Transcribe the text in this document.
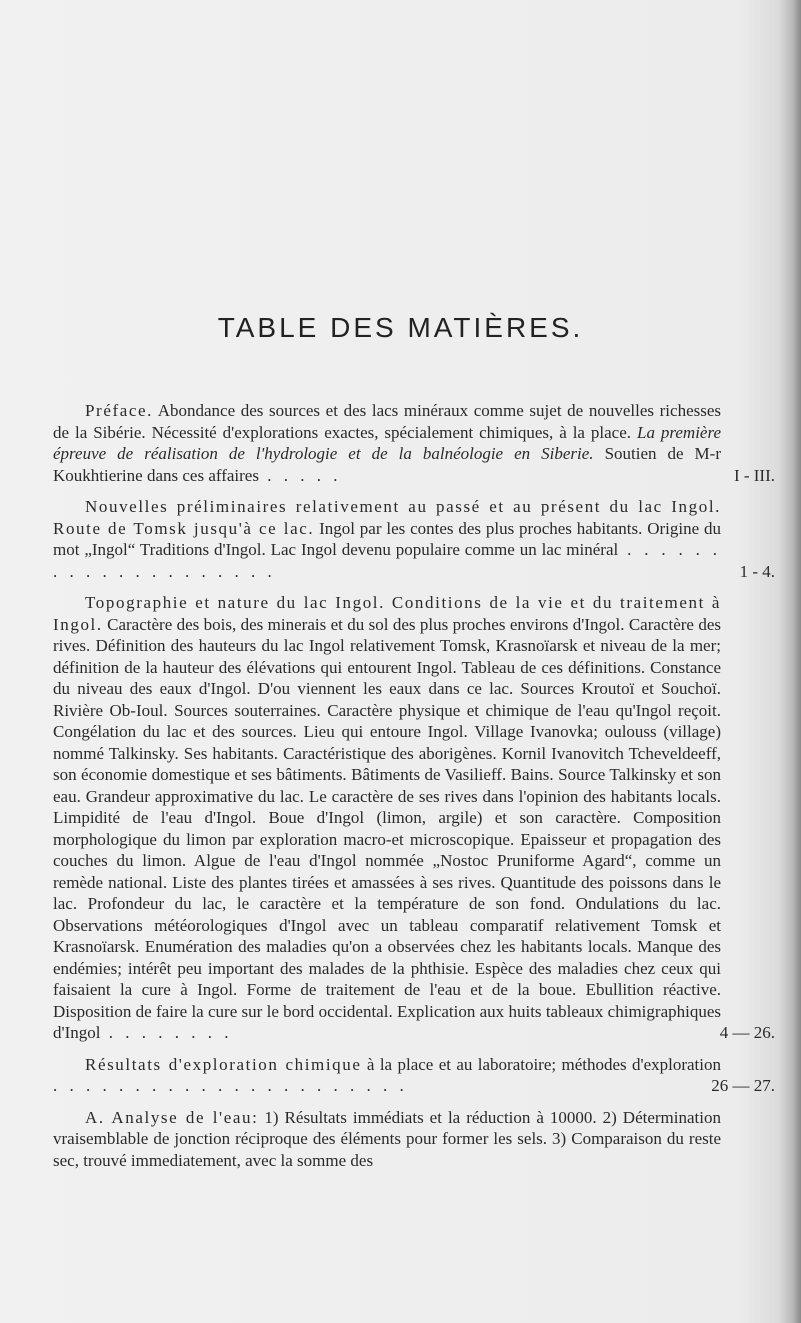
TABLE DES MATIÈRES.

Préface. Abondance des sources et des lacs minéraux comme sujet de nouvelles richesses de la Sibérie. Nécessité d'explorations exactes, spécialement chimiques, à la place. La première épreuve de réalisation de l'hydrologie et de la balnéologie en Siberie. Soutien de M-r Koukhtierine dans ces affaires . . . . .	I - III.

Nouvelles préliminaires relativement au passé et au présent du lac Ingol. Route de Tomsk jusqu'à ce lac. Ingol par les contes des plus proches habitants. Origine du mot „Ingol“ Traditions d'Ingol. Lac Ingol devenu populaire comme un lac minéral . . . . . . . . . . . . . . . . . . . .	1 - 4.

Topographie et nature du lac Ingol. Conditions de la vie et du traitement à Ingol. Caractère des bois, des minerais et du sol des plus proches environs d'Ingol. Caractère des rives. Définition des hauteurs du lac Ingol relativement Tomsk, Krasnoïarsk et niveau de la mer; définition de la hauteur des élévations qui entourent Ingol. Tableau de ces définitions. Constance du niveau des eaux d'Ingol. D'ou viennent les eaux dans ce lac. Sources Kroutoï et Souchoï. Rivière Ob-Ioul. Sources souterraines. Caractère physique et chimique de l'eau qu'Ingol reçoit. Congélation du lac et des sources. Lieu qui entoure Ingol. Village Ivanovka; oulouss (village) nommé Talkinsky. Ses habitants. Caractéristique des aborigènes. Kornil Ivanovitch Tcheveldeeff, son économie domestique et ses bâtiments. Bâtiments de Vasilieff. Bains. Source Talkinsky et son eau. Grandeur approximative du lac. Le caractère de ses rives dans l'opinion des habitants locals. Limpidité de l'eau d'Ingol. Boue d'Ingol (limon, argile) et son caractère. Composition morphologique du limon par exploration macro-et microscopique. Epaisseur et propagation des couches du limon. Algue de l'eau d'Ingol nommée „Nostoc Pruniforme Agard“, comme un remède national. Liste des plantes tirées et amassées à ses rives. Quantitude des poissons dans le lac. Profondeur du lac, le caractère et la température de son fond. Ondulations du lac. Observations météorologiques d'Ingol avec un tableau comparatif relativement Tomsk et Krasnoïarsk. Enumération des maladies qu'on a observées chez les habitants locals. Manque des endémies; intérêt peu important des malades de la phthisie. Espèce des maladies chez ceux qui faisaient la cure à Ingol. Forme de traitement de l'eau et de la boue. Ebullition réactive. Disposition de faire la cure sur le bord occidental. Explication aux huits tableaux chimigraphiques d'Ingol . . . . . . . .	4 — 26.

Résultats d'exploration chimique à la place et au laboratoire; méthodes d'exploration . . . . . . . . . . . . . . . . . . . . . .	26 — 27.

A. Analyse de l'eau: 1) Résultats immédiats et la réduction à 10000. 2) Détermination vraisemblable de jonction réciproque des éléments pour former les sels. 3) Comparaison du reste sec, trouvé immediatement, avec la somme des
